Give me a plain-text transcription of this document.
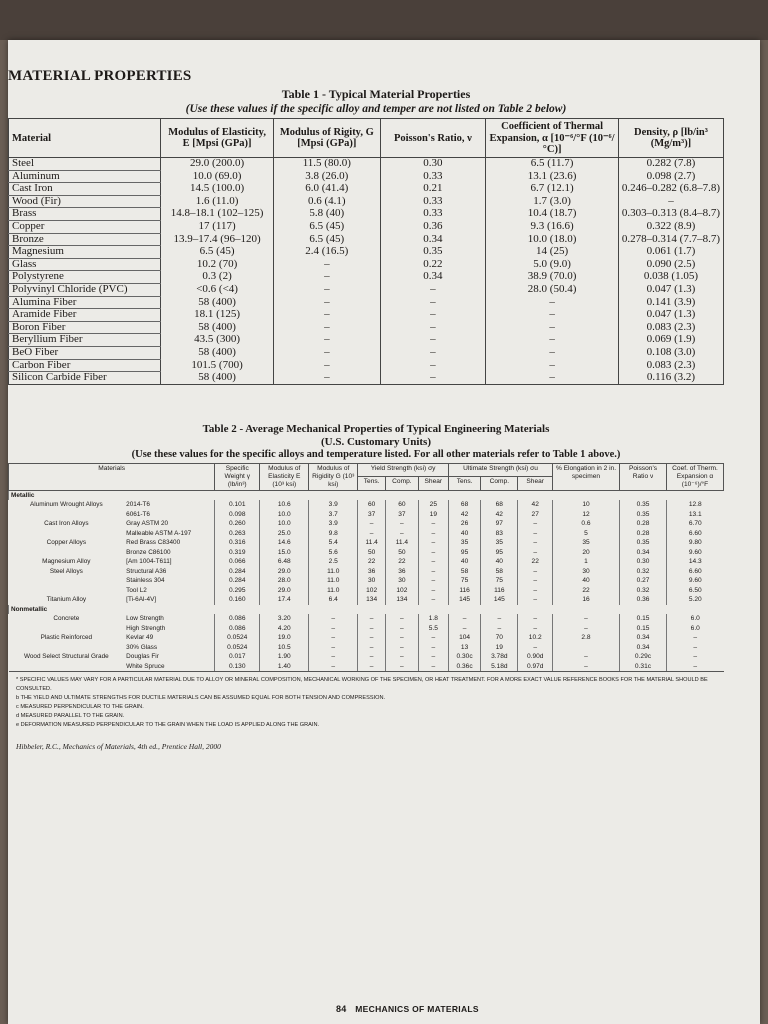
MATERIAL PROPERTIES
Table 1 - Typical Material Properties
(Use these values if the specific alloy and temper are not listed on Table 2 below)
Material	Modulus of Elasticity, E [Mpsi (GPa)]	Modulus of Rigity, G [Mpsi (GPa)]	Poisson's Ratio, ν	Coefficient of Thermal Expansion, α [10⁻⁶/°F (10⁻⁶/°C)]	Density, ρ [lb/in³ (Mg/m³)]
Steel	29.0 (200.0)	11.5 (80.0)	0.30	6.5 (11.7)	0.282 (7.8)
Aluminum	10.0 (69.0)	3.8 (26.0)	0.33	13.1 (23.6)	0.098 (2.7)
Cast Iron	14.5 (100.0)	6.0 (41.4)	0.21	6.7 (12.1)	0.246–0.282 (6.8–7.8)
Wood (Fir)	1.6 (11.0)	0.6 (4.1)	0.33	1.7 (3.0)	–
Brass	14.8–18.1 (102–125)	5.8 (40)	0.33	10.4 (18.7)	0.303–0.313 (8.4–8.7)
Copper	17 (117)	6.5 (45)	0.36	9.3 (16.6)	0.322 (8.9)
Bronze	13.9–17.4 (96–120)	6.5 (45)	0.34	10.0 (18.0)	0.278–0.314 (7.7–8.7)
Magnesium	6.5 (45)	2.4 (16.5)	0.35	14 (25)	0.061 (1.7)
Glass	10.2 (70)	–	0.22	5.0 (9.0)	0.090 (2.5)
Polystyrene	0.3 (2)	–	0.34	38.9 (70.0)	0.038 (1.05)
Polyvinyl Chloride (PVC)	<0.6 (<4)	–	–	28.0 (50.4)	0.047 (1.3)
Alumina Fiber	58 (400)	–	–	–	0.141 (3.9)
Aramide Fiber	18.1 (125)	–	–	–	0.047 (1.3)
Boron Fiber	58 (400)	–	–	–	0.083 (2.3)
Beryllium Fiber	43.5 (300)	–	–	–	0.069 (1.9)
BeO Fiber	58 (400)	–	–	–	0.108 (3.0)
Carbon Fiber	101.5 (700)	–	–	–	0.083 (2.3)
Silicon Carbide Fiber	58 (400)	–	–	–	0.116 (3.2)
Table 2 - Average Mechanical Properties of Typical Engineering Materials
(U.S. Customary Units)
(Use these values for the specific alloys and temperature listed. For all other materials refer to Table 1 above.)
Materials		Specific Weight γ (lb/in³)	Modulus of Elasticity E (10³ ksi)	Modulus of Rigidity G (10³ ksi)	Yield Strength (ksi) σy			Ultimate Strength (ksi) σu			% Elongation in 2 in. specimen	Poisson's Ratio ν	Coef. of Therm. Expansion α (10⁻⁶)/°F
					Tens.	Comp.	Shear	Tens.	Comp.	Shear			
Metallic													
Aluminum Wrought Alloys	2014-T6	0.101	10.6	3.9	60	60	25	68	68	42	10	0.35	12.8
	6061-T6	0.098	10.0	3.7	37	37	19	42	42	27	12	0.35	13.1
Cast Iron Alloys	Gray ASTM 20	0.260	10.0	3.9	–	–	–	26	97	–	0.6	0.28	6.70
	Malleable ASTM A-197	0.263	25.0	9.8	–	–	–	40	83	–	5	0.28	6.60
Copper Alloys	Red Brass C83400	0.316	14.6	5.4	11.4	11.4	–	35	35	–	35	0.35	9.80
	Bronze C86100	0.319	15.0	5.6	50	50	–	95	95	–	20	0.34	9.60
Magnesium Alloy	[Am 1004-T611]	0.066	6.48	2.5	22	22	–	40	40	22	1	0.30	14.3
Steel Alloys	Structural A36	0.284	29.0	11.0	36	36	–	58	58	–	30	0.32	6.60
	Stainless 304	0.284	28.0	11.0	30	30	–	75	75	–	40	0.27	9.60
	Tool L2	0.295	29.0	11.0	102	102	–	116	116	–	22	0.32	6.50
Titanium Alloy	[Ti-6Al-4V]	0.160	17.4	6.4	134	134	–	145	145	–	16	0.36	5.20
Nonmetallic													
Concrete	Low Strength	0.086	3.20	–	–	–	1.8	–	–	–	–	0.15	6.0
	High Strength	0.086	4.20	–	–	–	5.5	–	–	–	–	0.15	6.0
Plastic Reinforced	Kevlar 49	0.0524	19.0	–	–	–	–	104	70	10.2	2.8	0.34	–
	30% Glass	0.0524	10.5	–	–	–	–	13	19	–		0.34	–
Wood Select Structural Grade	Douglas Fir	0.017	1.90	–	–	–	–	0.30c	3.78d	0.90d	–	0.29c	–
	White Spruce	0.130	1.40	–	–	–	–	0.36c	5.18d	0.97d	–	0.31c	–
* SPECIFIC VALUES MAY VARY FOR A PARTICULAR MATERIAL DUE TO ALLOY OR MINERAL COMPOSITION, MECHANICAL WORKING OF THE SPECIMEN, OR HEAT TREATMENT. FOR A MORE EXACT VALUE REFERENCE BOOKS FOR THE MATERIAL SHOULD BE CONSULTED.
b THE YIELD AND ULTIMATE STRENGTHS FOR DUCTILE MATERIALS CAN BE ASSUMED EQUAL FOR BOTH TENSION AND COMPRESSION.
c MEASURED PERPENDICULAR TO THE GRAIN.
d MEASURED PARALLEL TO THE GRAIN.
e DEFORMATION MEASURED PERPENDICULAR TO THE GRAIN WHEN THE LOAD IS APPLIED ALONG THE GRAIN.
Hibbeler, R.C., Mechanics of Materials, 4th ed., Prentice Hall, 2000
84 MECHANICS OF MATERIALS
